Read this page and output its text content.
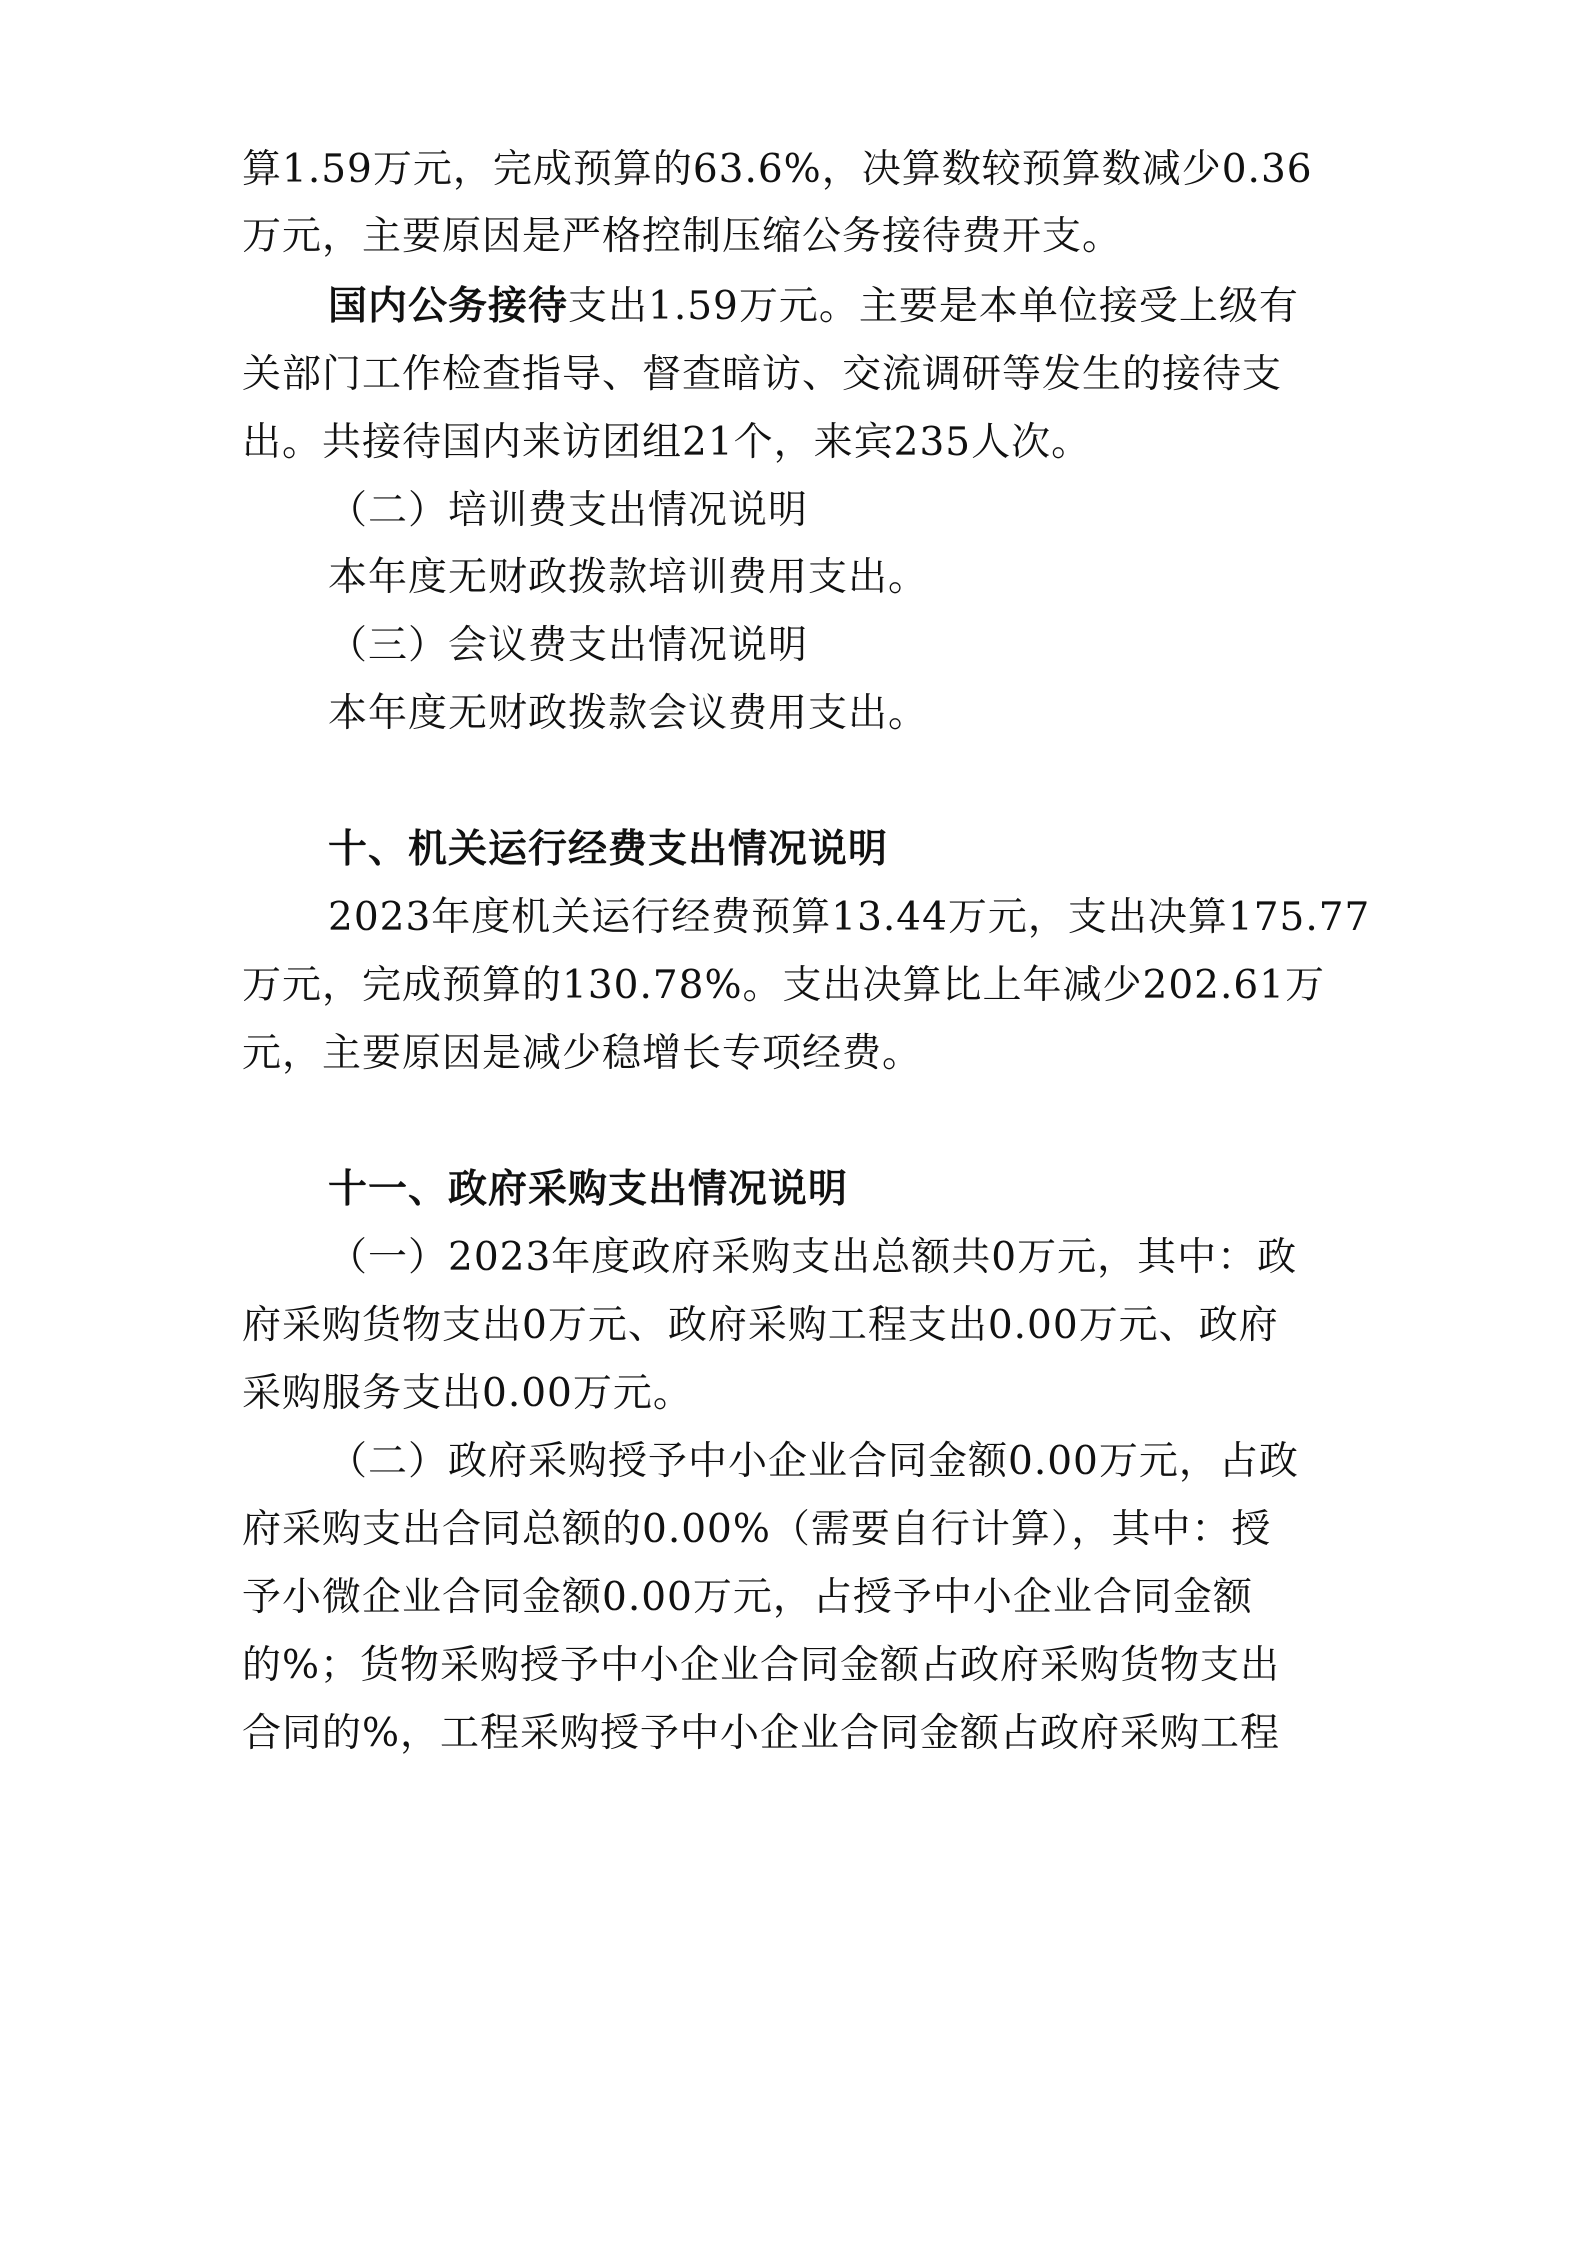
算1.59万元，完成预算的63.6%，决算数较预算数减少0.36
万元，主要原因是严格控制压缩公务接待费开支。
国内公务接待支出1.59万元。主要是本单位接受上级有
关部门工作检查指导、督查暗访、交流调研等发生的接待支
出。共接待国内来访团组21个，来宾235人次。
（二）培训费支出情况说明
本年度无财政拨款培训费用支出。
（三）会议费支出情况说明
本年度无财政拨款会议费用支出。
十、机关运行经费支出情况说明
2023年度机关运行经费预算13.44万元，支出决算175.77
万元，完成预算的130.78%。支出决算比上年减少202.61万
元，主要原因是减少稳增长专项经费。
十一、政府采购支出情况说明
（一）2023年度政府采购支出总额共0万元，其中：政
府采购货物支出0万元、政府采购工程支出0.00万元、政府
采购服务支出0.00万元。
（二）政府采购授予中小企业合同金额0.00万元，占政
府采购支出合同总额的0.00%（需要自行计算），其中：授
予小微企业合同金额0.00万元，占授予中小企业合同金额
的%；货物采购授予中小企业合同金额占政府采购货物支出
合同的%，工程采购授予中小企业合同金额占政府采购工程
